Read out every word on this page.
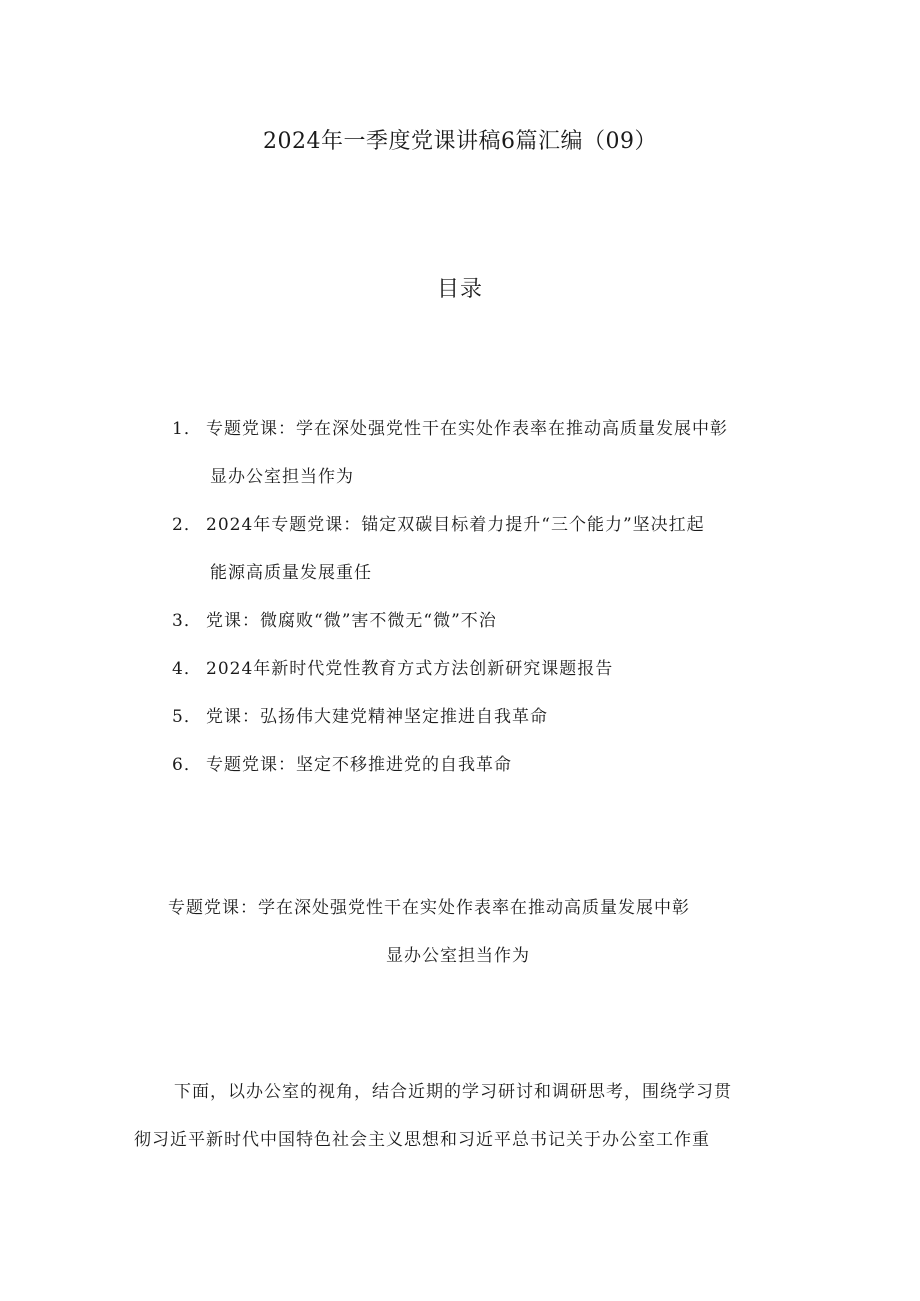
2024年一季度党课讲稿6篇汇编（09）
目录
1． 专题党课：学在深处强党性干在实处作表率在推动高质量发展中彰
显办公室担当作为
2． 2024年专题党课：锚定双碳目标着力提升“三个能力”坚决扛起
能源高质量发展重任
3． 党课：微腐败“微”害不微无“微”不治
4． 2024年新时代党性教育方式方法创新研究课题报告
5． 党课：弘扬伟大建党精神坚定推进自我革命
6． 专题党课：坚定不移推进党的自我革命
专题党课：学在深处强党性干在实处作表率在推动高质量发展中彰
显办公室担当作为
下面，以办公室的视角，结合近期的学习研讨和调研思考，围绕学习贯
彻习近平新时代中国特色社会主义思想和习近平总书记关于办公室工作重
